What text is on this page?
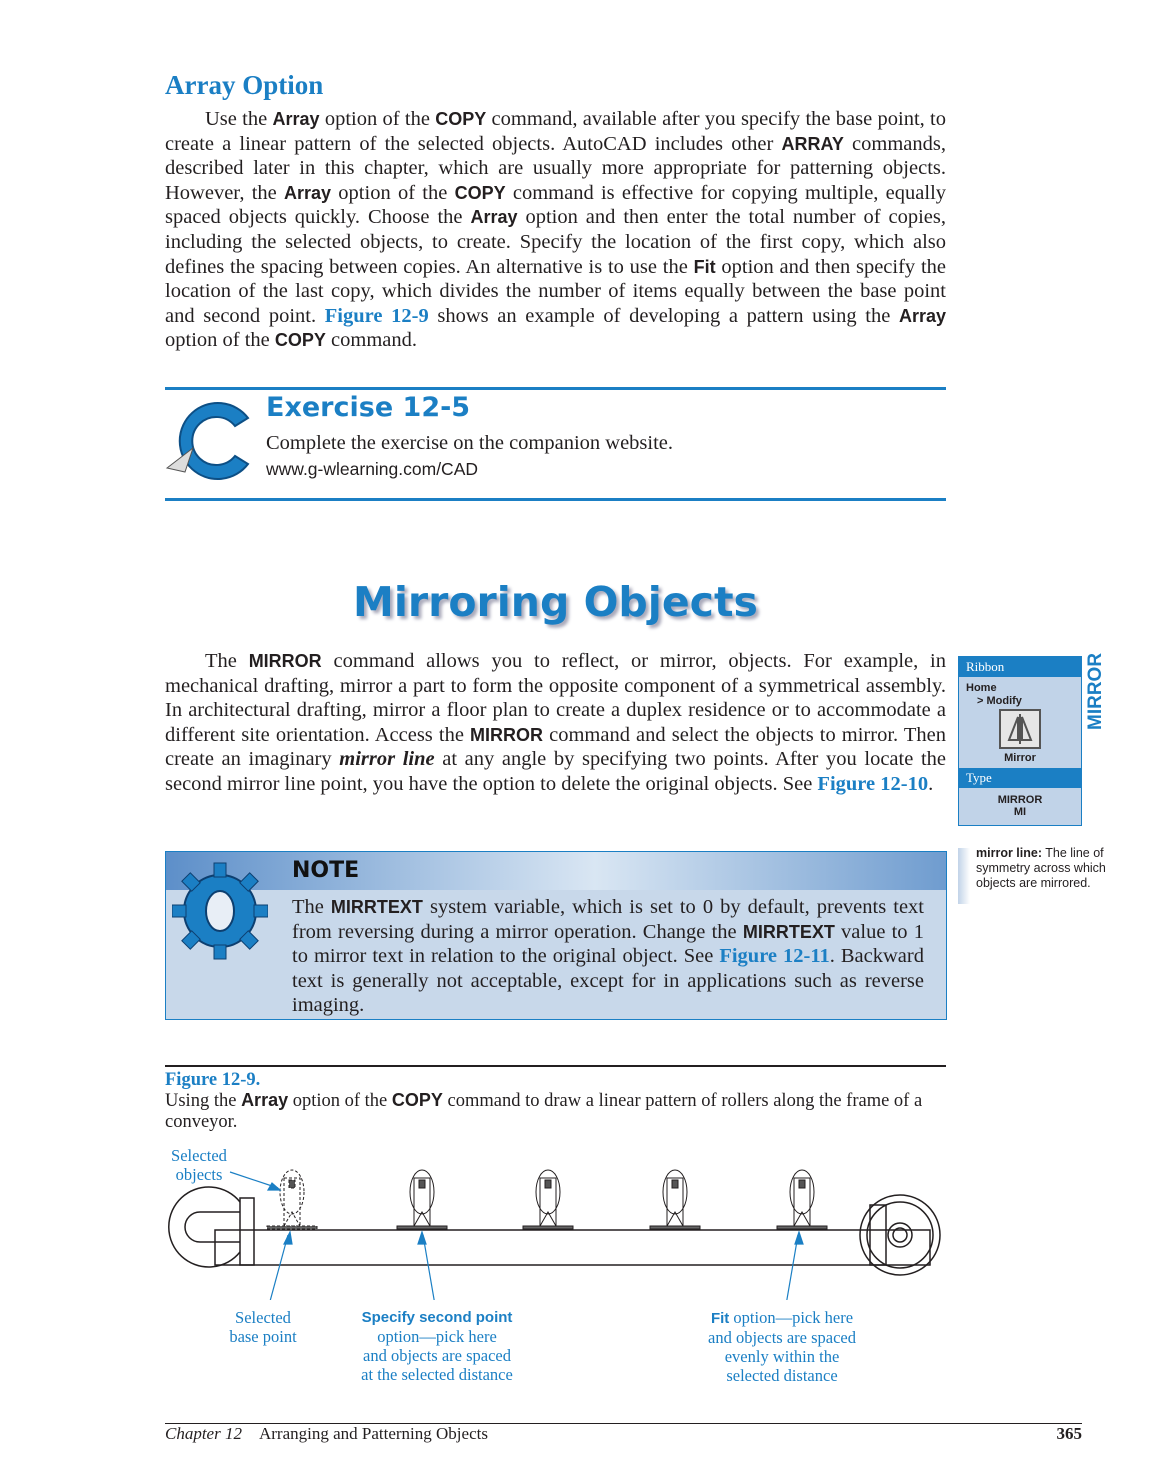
Array Option
Use the Array option of the COPY command, available after you specify the base point, to create a linear pattern of the selected objects. AutoCAD includes other ARRAY commands, described later in this chapter, which are usually more appropriate for patterning objects. However, the Array option of the COPY command is effective for copying multiple, equally spaced objects quickly. Choose the Array option and then enter the total number of copies, including the selected objects, to create. Specify the location of the first copy, which also defines the spacing between copies. An alternative is to use the Fit option and then specify the location of the last copy, which divides the number of items equally between the base point and second point. Figure 12-9 shows an example of developing a pattern using the Array option of the COPY command.
Exercise 12-5
Complete the exercise on the companion website.
www.g-wlearning.com/CAD
Mirroring Objects
The MIRROR command allows you to reflect, or mirror, objects. For example, in mechanical drafting, mirror a part to form the opposite component of a symmetrical assembly. In architectural drafting, mirror a floor plan to create a duplex residence or to accommodate a different site orientation. Access the MIRROR command and select the objects to mirror. Then create an imaginary mirror line at any angle by specifying two points. After you locate the second mirror line point, you have the option to delete the original objects. See Figure 12-10.
Ribbon
Home
> Modify
Mirror
Type
MIRROR
MI
MIRROR
mirror line: The line of symmetry across which objects are mirrored.
NOTE
The MIRRTEXT system variable, which is set to 0 by default, prevents text from reversing during a mirror operation. Change the MIRRTEXT value to 1 to mirror text in relation to the original object. See Figure 12-11. Backward text is generally not acceptable, except for in applications such as reverse imaging.
Figure 12-9.
Using the Array option of the COPY command to draw a linear pattern of rollers along the frame of a conveyor.
Selected
objects
Selected
base point
Specify second point
option—pick here
and objects are spaced
at the selected distance
Fit option—pick here
and objects are spaced
evenly within the
selected distance
Chapter 12 Arranging and Patterning Objects	365
